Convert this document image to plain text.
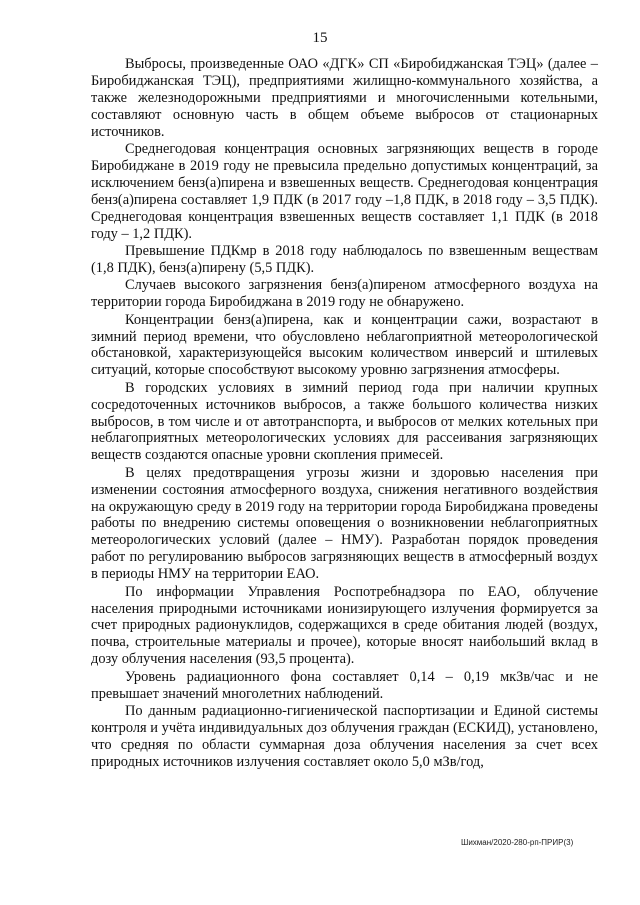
15

Выбросы, произведенные ОАО «ДГК» СП «Биробиджанская ТЭЦ» (далее – Биробиджанская ТЭЦ), предприятиями жилищно-коммунального хозяйства, а также железнодорожными предприятиями и многочисленными котельными, составляют основную часть в общем объеме выбросов от стационарных источников.

Среднегодовая концентрация основных загрязняющих веществ в городе Биробиджане в 2019 году не превысила предельно допустимых концентраций, за исключением бенз(а)пирена и взвешенных веществ. Среднегодовая концентрация бенз(а)пирена составляет 1,9 ПДК (в 2017 году –1,8 ПДК, в 2018 году – 3,5 ПДК). Среднегодовая концентрация взвешенных веществ составляет 1,1 ПДК (в 2018 году – 1,2 ПДК).

Превышение ПДКмр в 2018 году наблюдалось по взвешенным веществам (1,8 ПДК), бенз(а)пирену (5,5 ПДК).

Случаев высокого загрязнения бенз(а)пиреном атмосферного воздуха на территории города Биробиджана в 2019 году не обнаружено.

Концентрации бенз(а)пирена, как и концентрации сажи, возрастают в зимний период времени, что обусловлено неблагоприятной метеорологической обстановкой, характеризующейся высоким количеством инверсий и штилевых ситуаций, которые способствуют высокому уровню загрязнения атмосферы.

В городских условиях в зимний период года при наличии крупных сосредоточенных источников выбросов, а также большого количества низких выбросов, в том числе и от автотранспорта, и выбросов от мелких котельных при неблагоприятных метеорологических условиях для рассеивания загрязняющих веществ создаются опасные уровни скопления примесей.

В целях предотвращения угрозы жизни и здоровью населения при изменении состояния атмосферного воздуха, снижения негативного воздействия на окружающую среду в 2019 году на территории города Биробиджана проведены работы по внедрению системы оповещения о возникновении неблагоприятных метеорологических условий (далее – НМУ). Разработан порядок проведения работ по регулированию выбросов загрязняющих веществ в атмосферный воздух в периоды НМУ на территории ЕАО.

По информации Управления Роспотребнадзора по ЕАО, облучение населения природными источниками ионизирующего излучения формируется за счет природных радионуклидов, содержащихся в среде обитания людей (воздух, почва, строительные материалы и прочее), которые вносят наибольший вклад в дозу облучения населения (93,5 процента).

Уровень радиационного фона составляет 0,14 – 0,19 мкЗв/час и не превышает значений многолетних наблюдений.

По данным радиационно-гигиенической паспортизации и Единой системы контроля и учёта индивидуальных доз облучения граждан (ЕСКИД), установлено, что средняя по области суммарная доза облучения населения за счет всех природных источников излучения составляет около 5,0 мЗв/год,

Шихман/2020-280-рп-ПРИР(3)
